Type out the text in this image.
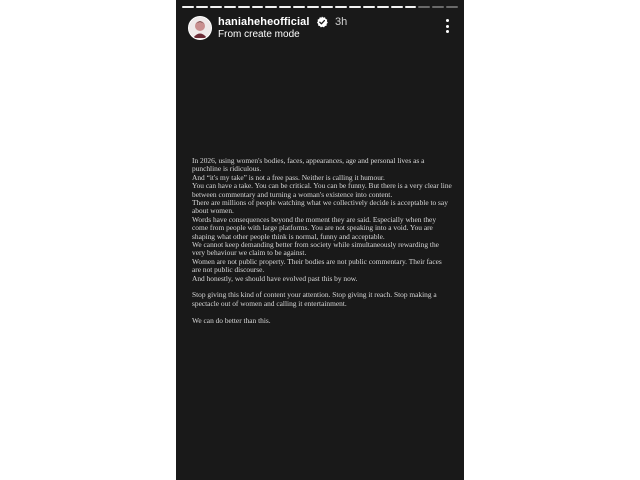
haniaheheofficial 3h
From create mode

In 2026, using women's bodies, faces, appearances, age and personal lives as a punchline is ridiculous.

And “it's my take” is not a free pass. Neither is calling it humour.

You can have a take. You can be critical. You can be funny. But there is a very clear line between commentary and turning a woman's existence into content.

There are millions of people watching what we collectively decide is acceptable to say about women.

Words have consequences beyond the moment they are said. Especially when they come from people with large platforms. You are not speaking into a void. You are shaping what other people think is normal, funny and acceptable.

We cannot keep demanding better from society while simultaneously rewarding the very behaviour we claim to be against.

Women are not public property. Their bodies are not public commentary. Their faces are not public discourse.

And honestly, we should have evolved past this by now.

Stop giving this kind of content your attention. Stop giving it reach. Stop making a spectacle out of women and calling it entertainment.

We can do better than this.
